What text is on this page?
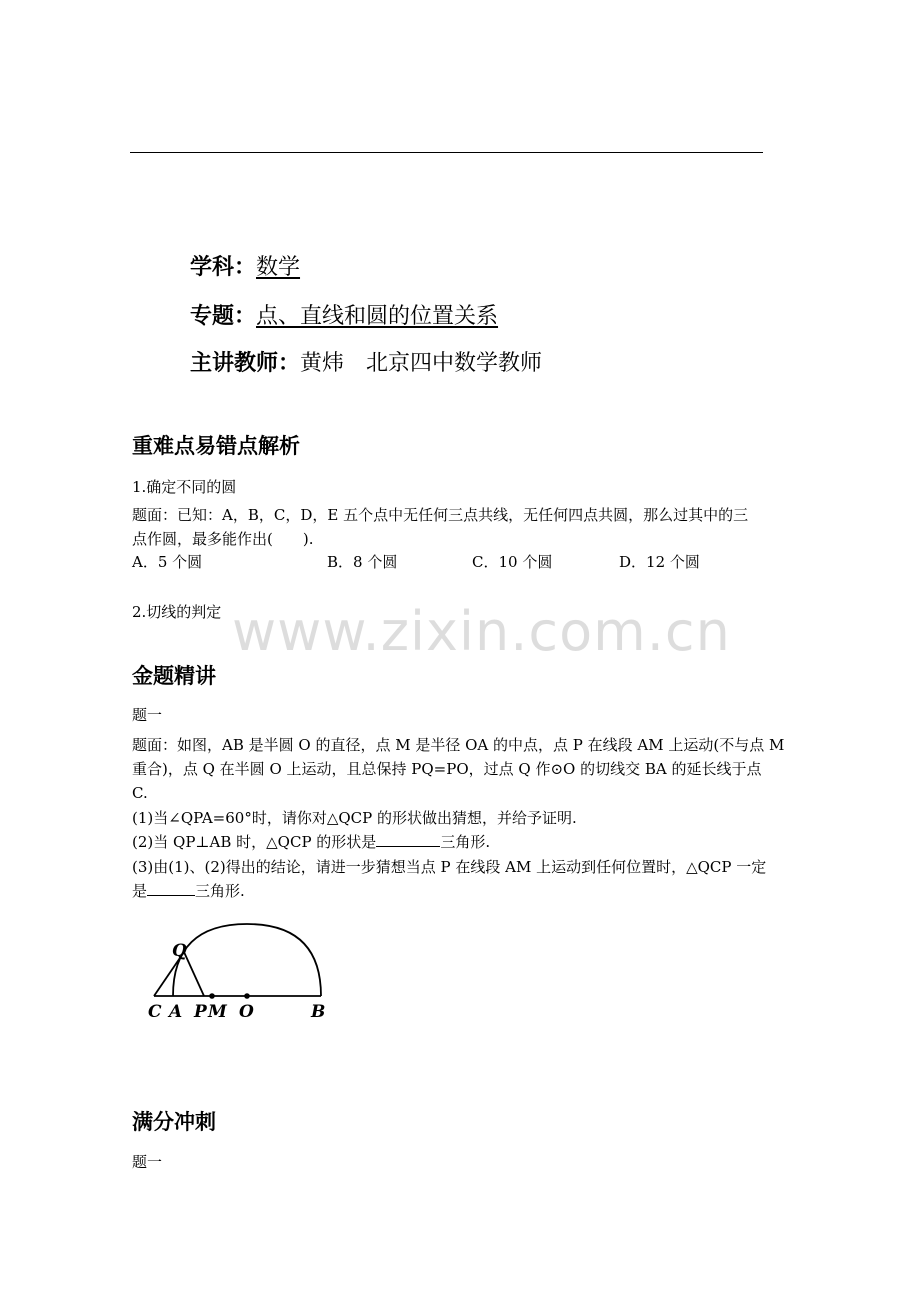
学科：数学
专题：点、直线和圆的位置关系
主讲教师：黄炜　北京四中数学教师
重难点易错点解析
1.确定不同的圆
题面：已知：A，B，C，D，E 五个点中无任何三点共线，无任何四点共圆，那么过其中的三
点作圆，最多能作出(　　).
A．5 个圆	B．8 个圆	C．10 个圆	D．12 个圆
2.切线的判定 www.zixin.com.cn
金题精讲
题一
题面：如图，AB 是半圆 O 的直径，点 M 是半径 OA 的中点，点 P 在线段 AM 上运动(不与点 M
重合)，点 Q 在半圆 O 上运动，且总保持 PQ=PO，过点 Q 作⊙O 的切线交 BA 的延长线于点
C.
(1)当∠QPA=60°时，请你对△QCP 的形状做出猜想，并给予证明.
(2)当 QP⊥AB 时，△QCP 的形状是	三角形.
(3)由(1)、(2)得出的结论，请进一步猜想当点 P 在线段 AM 上运动到任何位置时，△QCP 一定
是	三角形.
Q
C A P M O	B
满分冲刺
题一
